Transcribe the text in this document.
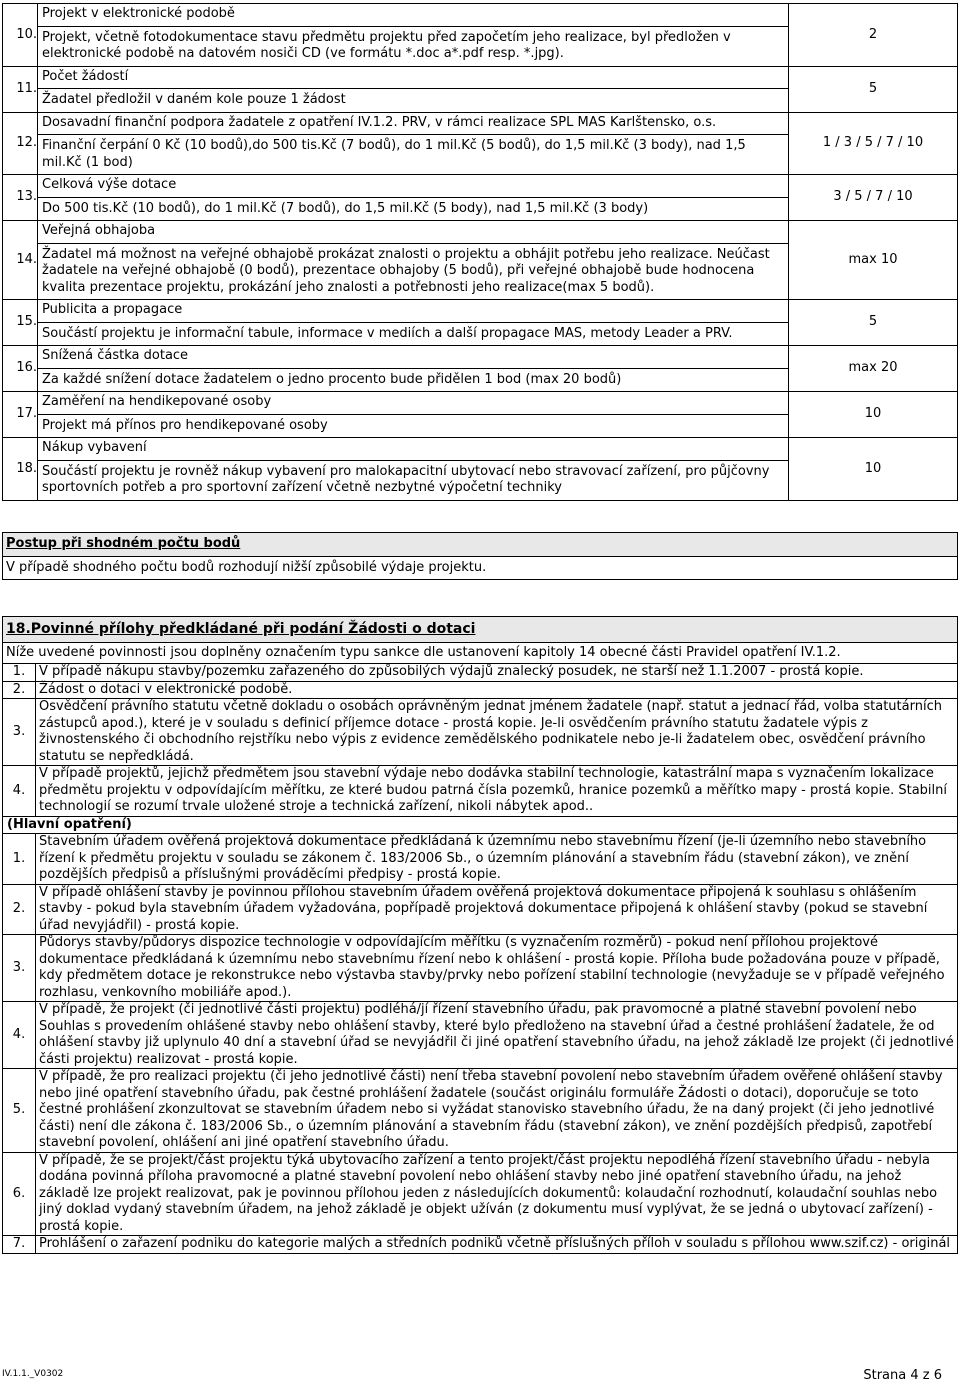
10.	Projekt v elektronické podobě
Projekt, včetně fotodokumentace stavu předmětu projektu před započetím jeho realizace, byl předložen v elektronické podobě na datovém nosiči CD (ve formátu *.doc a*.pdf resp. *.jpg).	2
11.	Počet žádostí
Žadatel předložil v daném kole pouze 1 žádost	5
12.	Dosavadní finanční podpora žadatele z opatření IV.1.2. PRV, v rámci realizace SPL MAS Karlštensko, o.s.
Finanční čerpání 0 Kč (10 bodů),do 500 tis.Kč (7 bodů), do 1 mil.Kč (5 bodů), do 1,5 mil.Kč (3 body), nad 1,5 mil.Kč (1 bod)	1 / 3 / 5 / 7 / 10
13.	Celková výše dotace
Do 500 tis.Kč (10 bodů), do 1 mil.Kč (7 bodů), do 1,5 mil.Kč (5 body), nad 1,5 mil.Kč (3 body)	3 / 5 / 7 / 10
14.	Veřejná obhajoba
Žadatel má možnost na veřejné obhajobě prokázat znalosti o projektu a obhájit potřebu jeho realizace. Neúčast žadatele na veřejné obhajobě (0 bodů), prezentace obhajoby (5 bodů), při veřejné obhajobě bude hodnocena kvalita prezentace projektu, prokázání jeho znalosti a potřebnosti jeho realizace(max 5 bodů).	max 10
15.	Publicita a propagace
Součástí projektu je informační tabule, informace v mediích a další propagace MAS, metody Leader a PRV.	5
16.	Snížená částka dotace
Za každé snížení dotace žadatelem o jedno procento bude přidělen 1 bod (max 20 bodů)	max 20
17.	Zaměření na hendikepované osoby
Projekt má přínos pro hendikepované osoby	10
18.	Nákup vybavení
Součástí projektu je rovněž nákup vybavení pro malokapacitní ubytovací nebo stravovací zařízení, pro půjčovny sportovních potřeb a pro sportovní zařízení včetně nezbytné výpočetní techniky	10
Postup při shodném počtu bodů
V případě shodného počtu bodů rozhodují nižší způsobilé výdaje projektu.
18.Povinné přílohy předkládané při podání Žádosti o dotaci	
Níže uvedené povinnosti jsou doplněny označením typu sankce dle ustanovení kapitoly 14 obecné části Pravidel opatření IV.1.2.	
1.	V případě nákupu stavby/pozemku zařazeného do způsobilých výdajů znalecký posudek, ne starší než 1.1.2007 - prostá kopie.
2.	Žádost o dotaci v elektronické podobě.
3.	Osvědčení právního statutu včetně dokladu o osobách oprávněným jednat jménem žadatele (např. statut a jednací řád, volba statutárních zástupců apod.), které je v souladu s definicí příjemce dotace - prostá kopie. Je-li osvědčením právního statutu žadatele výpis z živnostenského či obchodního rejstříku nebo výpis z evidence zemědělského podnikatele nebo je-li žadatelem obec, osvědčení právního statutu se nepředkládá.
4.	V případě projektů, jejichž předmětem jsou stavební výdaje nebo dodávka stabilní technologie, katastrální mapa s vyznačením lokalizace předmětu projektu v odpovídajícím měřítku, ze které budou patrná čísla pozemků, hranice pozemků a měřítko mapy - prostá kopie. Stabilní technologií se rozumí trvale uložené stroje a technická zařízení, nikoli nábytek apod..
(Hlavní opatření)	
1.	Stavebním úřadem ověřená projektová dokumentace předkládaná k územnímu nebo stavebnímu řízení (je-li územního nebo stavebního řízení k předmětu projektu v souladu se zákonem č. 183/2006 Sb., o územním plánování a stavebním řádu (stavební zákon), ve znění pozdějších předpisů a příslušnými prováděcími předpisy - prostá kopie.
2.	V případě ohlášení stavby je povinnou přílohou stavebním úřadem ověřená projektová dokumentace připojená k souhlasu s ohlášením stavby - pokud byla stavebním úřadem vyžadována, popřípadě projektová dokumentace připojená k ohlášení stavby (pokud se stavební úřad nevyjádřil) - prostá kopie.
3.	Půdorys stavby/půdorys dispozice technologie v odpovídajícím měřítku (s vyznačením rozměrů) - pokud není přílohou projektové dokumentace předkládaná k územnímu nebo stavebnímu řízení nebo k ohlášení - prostá kopie. Příloha bude požadována pouze v případě, kdy předmětem dotace je rekonstrukce nebo výstavba stavby/prvky nebo pořízení stabilní technologie (nevyžaduje se v případě veřejného rozhlasu, venkovního mobiliáře apod.).
4.	V případě, že projekt (či jednotlivé části projektu) podléhá/jí řízení stavebního úřadu, pak pravomocné a platné stavební povolení nebo Souhlas s provedením ohlášené stavby nebo ohlášení stavby, které bylo předloženo na stavební úřad a čestné prohlášení žadatele, že od ohlášení stavby již uplynulo 40 dní a stavební úřad se nevyjádřil či jiné opatření stavebního úřadu, na jehož základě lze projekt (či jednotlivé části projektu) realizovat - prostá kopie.
5.	V případě, že pro realizaci projektu (či jeho jednotlivé části) není třeba stavební povolení nebo stavebním úřadem ověřené ohlášení stavby nebo jiné opatření stavebního úřadu, pak čestné prohlášení žadatele (součást originálu formuláře Žádosti o dotaci), doporučuje se toto čestné prohlášení zkonzultovat se stavebním úřadem nebo si vyžádat stanovisko stavebního úřadu, že na daný projekt (či jeho jednotlivé části) není dle zákona č. 183/2006 Sb., o územním plánování a stavebním řádu (stavební zákon), ve znění pozdějších předpisů, zapotřebí stavební povolení, ohlášení ani jiné opatření stavebního úřadu.
6.	V případě, že se projekt/část projektu týká ubytovacího zařízení a tento projekt/část projektu nepodléhá řízení stavebního úřadu - nebyla dodána povinná příloha pravomocné a platné stavební povolení nebo ohlášení stavby nebo jiné opatření stavebního úřadu, na jehož základě lze projekt realizovat, pak je povinnou přílohou jeden z následujících dokumentů: kolaudační rozhodnutí, kolaudační souhlas nebo jiný doklad vydaný stavebním úřadem, na jehož základě je objekt užíván (z dokumentu musí vyplývat, že se jedná o ubytovací zařízení) - prostá kopie.
7.	Prohlášení o zařazení podniku do kategorie malých a středních podniků včetně příslušných příloh v souladu s přílohou www.szif.cz) - originál
IV.1.1._V0302	Strana 4 z 6
